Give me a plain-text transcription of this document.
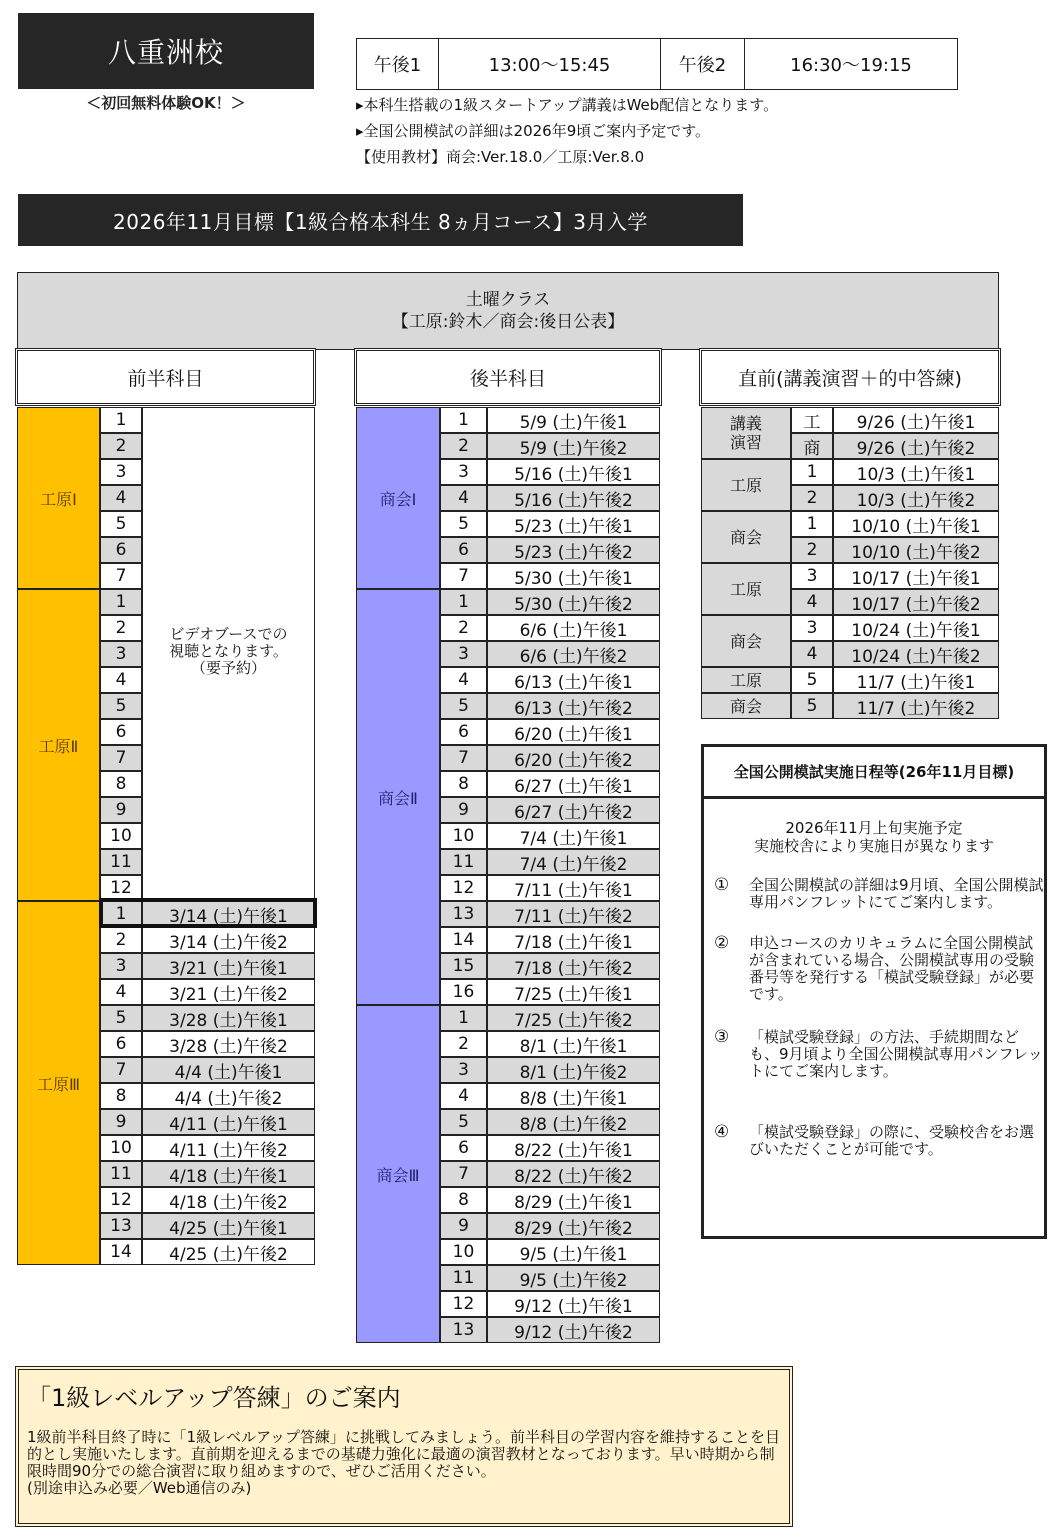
八重洲校
＜初回無料体験OK！＞
午後1	13:00〜15:45	午後2	16:30〜19:15
▸本科生搭載の1級スタートアップ講義はWeb配信となります。
▸全国公開模試の詳細は2026年9頃ご案内予定です。
【使用教材】商会:Ver.18.0／工原:Ver.8.0
2026年11月目標【1級合格本科生 8ヵ月コース】3月入学
土曜クラス
【工原:鈴木／商会:後日公表】
前半科目	後半科目	直前(講義演習＋的中答練)
全国公開模試実施日程等(26年11月目標)
2026年11月上旬実施予定
実施校舎により実施日が異なります
①	全国公開模試の詳細は9月頃、全国公開模試専用パンフレットにてご案内します。
②	申込コースのカリキュラムに全国公開模試が含まれている場合、公開模試専用の受験番号等を発行する「模試受験登録」が必要です。
③	「模試受験登録」の方法、手続期間なども、9月頃より全国公開模試専用パンフレットにてご案内します。
④	「模試受験登録」の際に、受験校舎をお選びいただくことが可能です。
「1級レベルアップ答練」のご案内
1級前半科目終了時に「1級レベルアップ答練」に挑戦してみましょう。前半科目の学習内容を維持することを目的とし実施いたします。直前期を迎えるまでの基礎力強化に最適の演習教材となっております。早い時期から制限時間90分での総合演習に取り組めますので、ぜひご活用ください。
(別途申込み必要／Web通信のみ)
工原Ⅰ
1
2
3
4
5
6
7
工原Ⅱ
1
2
3
4
5
6
7
8
9
10
11
12
工原Ⅲ
1	3/14 (土)午後1
2	3/14 (土)午後2
3	3/21 (土)午後1
4	3/21 (土)午後2
5	3/28 (土)午後1
6	3/28 (土)午後2
7	4/4 (土)午後1
8	4/4 (土)午後2
9	4/11 (土)午後1
10	4/11 (土)午後2
11	4/18 (土)午後1
12	4/18 (土)午後2
13	4/25 (土)午後1
14	4/25 (土)午後2
商会Ⅰ
1	5/9 (土)午後1
2	5/9 (土)午後2
3	5/16 (土)午後1
4	5/16 (土)午後2
5	5/23 (土)午後1
6	5/23 (土)午後2
7	5/30 (土)午後1
商会Ⅱ
1	5/30 (土)午後2
2	6/6 (土)午後1
3	6/6 (土)午後2
4	6/13 (土)午後1
5	6/13 (土)午後2
6	6/20 (土)午後1
7	6/20 (土)午後2
8	6/27 (土)午後1
9	6/27 (土)午後2
10	7/4 (土)午後1
11	7/4 (土)午後2
12	7/11 (土)午後1
13	7/11 (土)午後2
14	7/18 (土)午後1
15	7/18 (土)午後2
16	7/25 (土)午後1
商会Ⅲ
1	7/25 (土)午後2
2	8/1 (土)午後1
3	8/1 (土)午後2
4	8/8 (土)午後1
5	8/8 (土)午後2
6	8/22 (土)午後1
7	8/22 (土)午後2
8	8/29 (土)午後1
9	8/29 (土)午後2
10	9/5 (土)午後1
11	9/5 (土)午後2
12	9/12 (土)午後1
13	9/12 (土)午後2
講義
演習
工	9/26 (土)午後1
商	9/26 (土)午後2
工原
1	10/3 (土)午後1
2	10/3 (土)午後2
商会
1	10/10 (土)午後1
2	10/10 (土)午後2
工原
3	10/17 (土)午後1
4	10/17 (土)午後2
商会
3	10/24 (土)午後1
4	10/24 (土)午後2
工原	5	11/7 (土)午後1
商会	5	11/7 (土)午後2
ビデオブースでの
視聴となります。
（要予約）
